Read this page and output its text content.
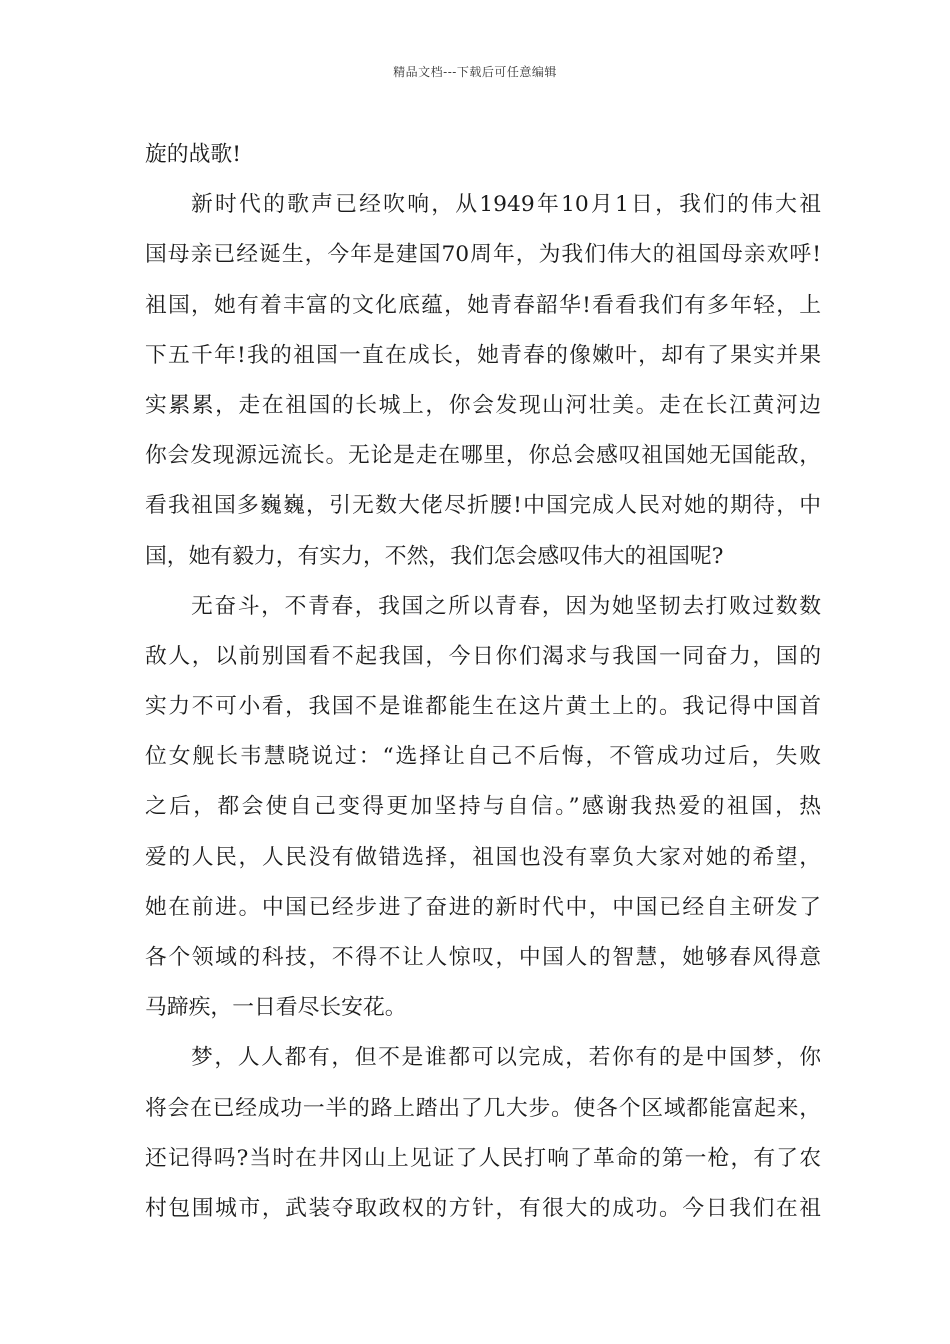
精品文档---下载后可任意编辑
旋的战歌!
新时代的歌声已经吹响，从1949年10月1日，我们的伟大祖
国母亲已经诞生，今年是建国70周年，为我们伟大的祖国母亲欢呼!
祖国，她有着丰富的文化底蕴，她青春韶华!看看我们有多年轻，上
下五千年!我的祖国一直在成长，她青春的像嫩叶，却有了果实并果
实累累，走在祖国的长城上，你会发现山河壮美。走在长江黄河边
你会发现源远流长。无论是走在哪里，你总会感叹祖国她无国能敌，
看我祖国多巍巍，引无数大佬尽折腰!中国完成人民对她的期待，中
国，她有毅力，有实力，不然，我们怎会感叹伟大的祖国呢?
无奋斗，不青春，我国之所以青春，因为她坚韧去打败过数数
敌人，以前别国看不起我国，今日你们渴求与我国一同奋力，国的
实力不可小看，我国不是谁都能生在这片黄土上的。我记得中国首
位女舰长韦慧晓说过：“选择让自己不后悔，不管成功过后，失败
之后，都会使自己变得更加坚持与自信。”感谢我热爱的祖国，热
爱的人民，人民没有做错选择，祖国也没有辜负大家对她的希望，
她在前进。中国已经步进了奋进的新时代中，中国已经自主研发了
各个领域的科技，不得不让人惊叹，中国人的智慧，她够春风得意
马蹄疾，一日看尽长安花。
梦，人人都有，但不是谁都可以完成，若你有的是中国梦，你
将会在已经成功一半的路上踏出了几大步。使各个区域都能富起来，
还记得吗?当时在井冈山上见证了人民打响了革命的第一枪，有了农
村包围城市，武装夺取政权的方针，有很大的成功。今日我们在祖
